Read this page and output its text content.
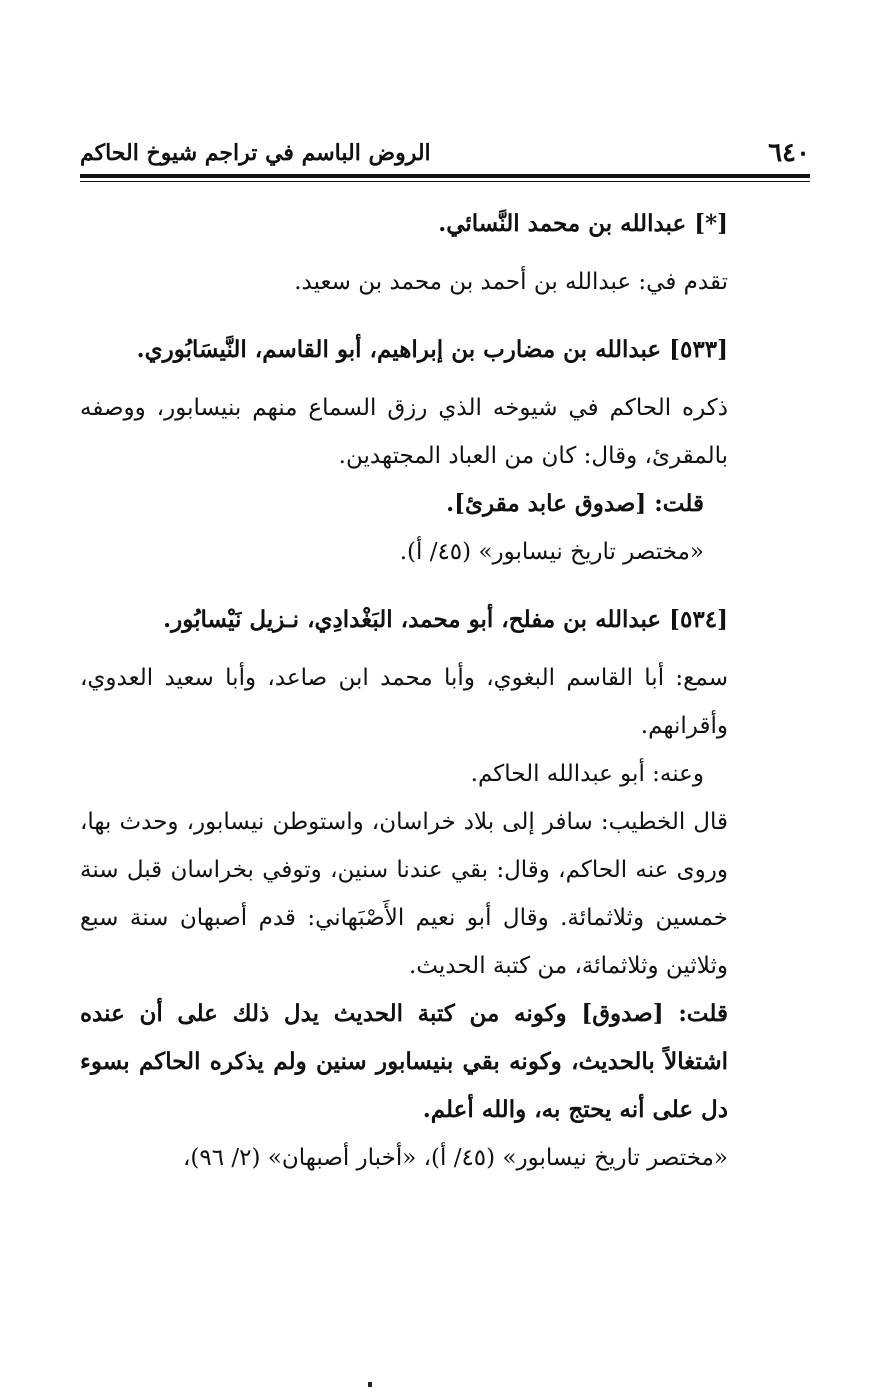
٦٤٠
الروض الباسم في تراجم شيوخ الحاكم

[*] عبدالله بن محمد النَّسائي.

تقدم في: عبدالله بن أحمد بن محمد بن سعيد.

[٥٣٣] عبدالله بن مضارب بن إبراهيم، أبو القاسم، النَّيسَابُوري.

ذكره الحاكم في شيوخه الذي رزق السماع منهم بنيسابور، ووصفه بالمقرئ، وقال: كان من العباد المجتهدين.

قلت: [صدوق عابد مقرئ].

«مختصر تاريخ نيسابور» (٤٥/ أ).

[٥٣٤] عبدالله بن مفلح، أبو محمد، البَغْدادِي، نـزيل نَيْسابُور.

سمع: أبا القاسم البغوي، وأبا محمد ابن صاعد، وأبا سعيد العدوي، وأقرانهم.

وعنه: أبو عبدالله الحاكم.

قال الخطيب: سافر إلى بلاد خراسان، واستوطن نيسابور، وحدث بها، وروى عنه الحاكم، وقال: بقي عندنا سنين، وتوفي بخراسان قبل سنة خمسين وثلاثمائة. وقال أبو نعيم الأَصْبَهاني: قدم أصبهان سنة سبع وثلاثين وثلاثمائة، من كتبة الحديث.

قلت: [صدوق] وكونه من كتبة الحديث يدل ذلك على أن عنده اشتغالاً بالحديث، وكونه بقي بنيسابور سنين ولم يذكره الحاكم بسوء دل على أنه يحتج به، والله أعلم.

«مختصر تاريخ نيسابور» (٤٥/ أ)، «أخبار أصبهان» (٢/ ٩٦)،
